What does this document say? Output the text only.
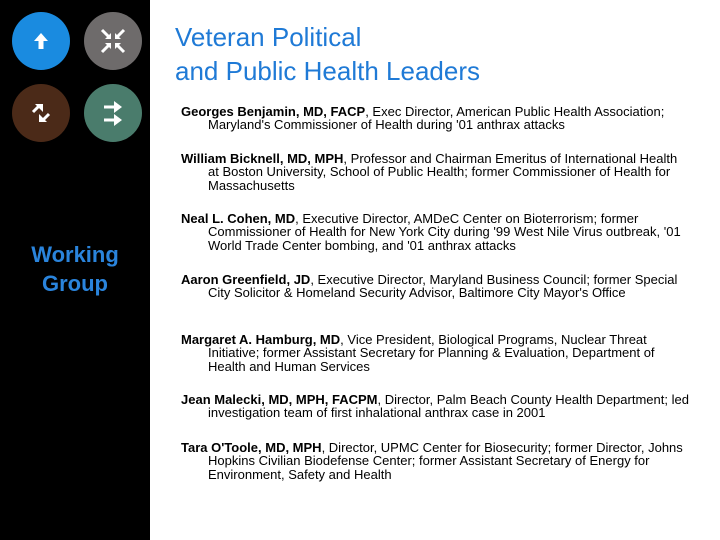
Working
Group
Veteran Political
and Public Health Leaders
Georges Benjamin, MD, FACP, Exec Director, American Public Health Association; Maryland's Commissioner of Health during '01 anthrax attacks
William Bicknell, MD, MPH, Professor and Chairman Emeritus of International Health at Boston University, School of Public Health; former Commissioner of Health for Massachusetts
Neal L. Cohen, MD, Executive Director, AMDeC Center on Bioterrorism; former Commissioner of Health for New York City during '99 West Nile Virus outbreak, '01 World Trade Center bombing, and '01 anthrax attacks
Aaron Greenfield, JD, Executive Director, Maryland Business Council; former Special City Solicitor & Homeland Security Advisor, Baltimore City Mayor's Office
Margaret A. Hamburg, MD, Vice President, Biological Programs, Nuclear Threat Initiative; former Assistant Secretary for Planning & Evaluation, Department of Health and Human Services
Jean Malecki, MD, MPH, FACPM, Director, Palm Beach County Health Department; led investigation team of first inhalational anthrax case in 2001
Tara O'Toole, MD, MPH, Director, UPMC Center for Biosecurity; former Director, Johns Hopkins Civilian Biodefense Center; former Assistant Secretary of Energy for Environment, Safety and Health
